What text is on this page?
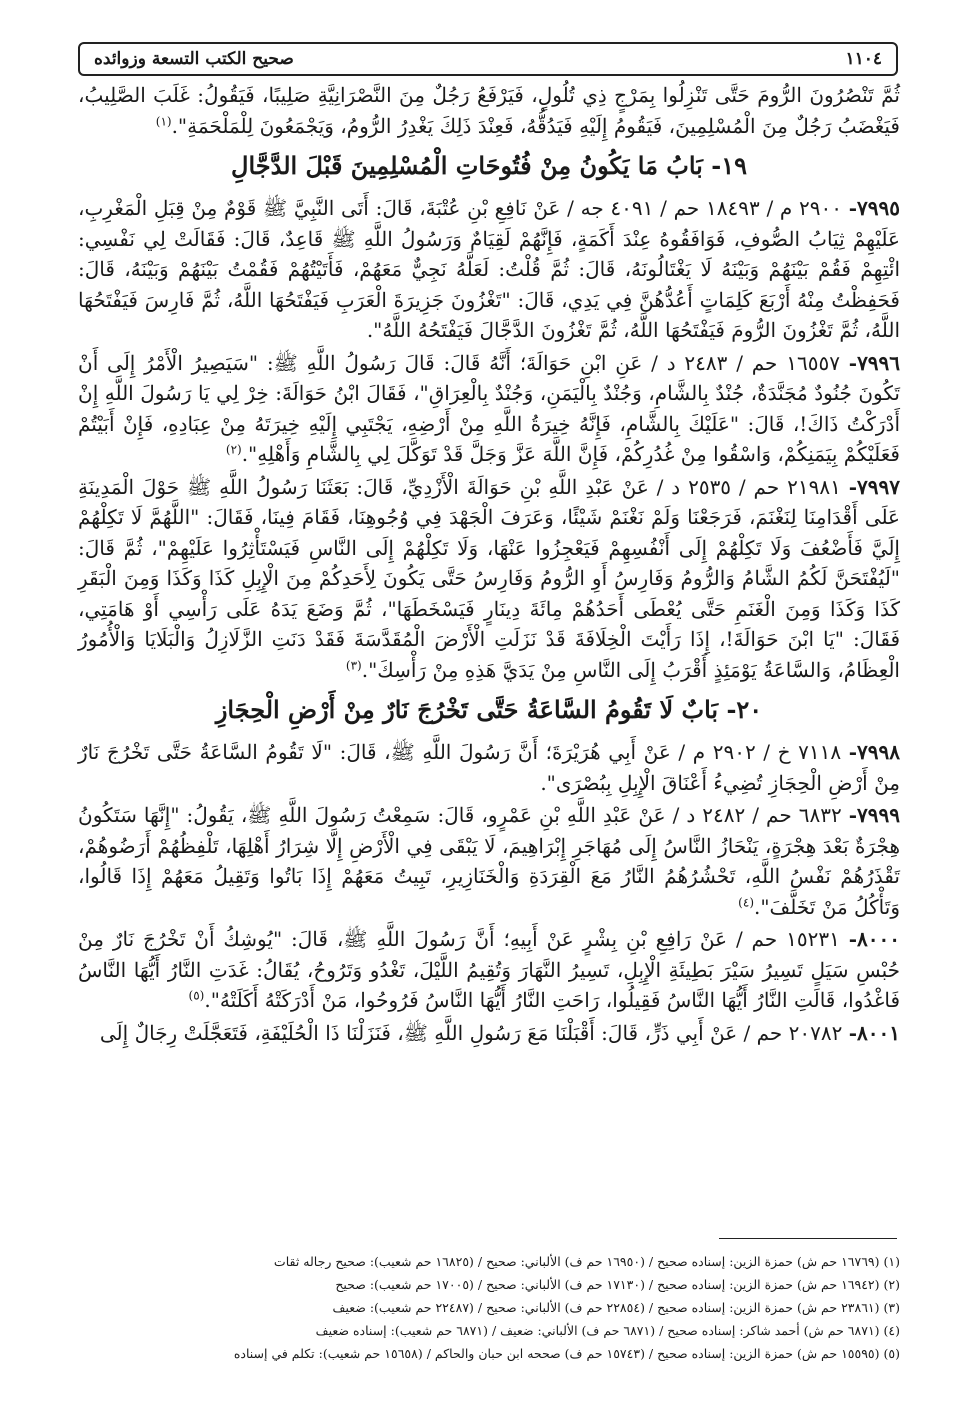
١١٠٤
صحيح الكتب التسعة وزوائده

ثُمَّ تَنْصُرُونَ الرُّومَ حَتَّى تَنْزِلُوا بِمَرْجٍ ذِي تُلُولٍ، فَيَرْفَعُ رَجُلٌ مِنَ النَّصْرَانِيَّةِ صَلِيبًا، فَيَقُولُ: غَلَبَ الصَّلِيبُ، فَيَغْضَبُ رَجُلٌ مِنَ الْمُسْلِمِينَ، فَيَقُومُ إِلَيْهِ فَيَدُقُّهُ، فَعِنْدَ ذَلِكَ يَغْدِرُ الرُّومُ، وَيَجْمَعُونَ لِلْمَلْحَمَةِ".$^{(١)}$

١٩- بَابُ مَا يَكُونُ مِنْ فُتُوحَاتِ الْمُسْلِمِينَ قَبْلَ الدَّجَّالِ

٧٩٩٥- ٢٩٠٠ م / ١٨٤٩٣ حم / ٤٠٩١ جه / عَنْ نَافِعِ بْنِ عُتْبَةَ، قَالَ: أَتَى النَّبِيَّ ﷺ قَوْمٌ مِنْ قِبَلِ الْمَغْرِبِ، عَلَيْهِمْ ثِيَابُ الصُّوفِ، فَوَافَقُوهُ عِنْدَ أَكَمَةٍ، فَإِنَّهُمْ لَقِيَامٌ وَرَسُولُ اللَّهِ ﷺ قَاعِدٌ، قَالَ: فَقَالَتْ لِي نَفْسِي: ائْتِهِمْ فَقُمْ بَيْنَهُمْ وَبَيْنَهُ لَا يَغْتَالُونَهُ، قَالَ: ثُمَّ قُلْتُ: لَعَلَّهُ نَجِيٌّ مَعَهُمْ، فَأَتَيْتُهُمْ فَقُمْتُ بَيْنَهُمْ وَبَيْنَهُ، قَالَ: فَحَفِظْتُ مِنْهُ أَرْبَعَ كَلِمَاتٍ أَعُدُّهُنَّ فِي يَدِي، قَالَ: "تَغْزُونَ جَزِيرَةَ الْعَرَبِ فَيَفْتَحُهَا اللَّهُ، ثُمَّ فَارِسَ فَيَفْتَحُهَا اللَّهُ، ثُمَّ تَغْزُونَ الرُّومَ فَيَفْتَحُهَا اللَّهُ، ثُمَّ تَغْزُونَ الدَّجَّالَ فَيَفْتَحُهُ اللَّهُ".

٧٩٩٦- ١٦٥٥٧ حم / ٢٤٨٣ د / عَنِ ابْنِ حَوَالَةَ؛ أَنَّهُ قَالَ: قَالَ رَسُولُ اللَّهِ ﷺ: "سَيَصِيرُ الْأَمْرُ إِلَى أَنْ تَكُونَ جُنُودٌ مُجَنَّدَةٌ، جُنْدٌ بِالشَّامِ، وَجُنْدٌ بِالْيَمَنِ، وَجُنْدٌ بِالْعِرَاقِ"، فَقَالَ ابْنُ حَوَالَةَ: خِرْ لِي يَا رَسُولَ اللَّهِ إِنْ أَدْرَكْتُ ذَاكَ!، قَالَ: "عَلَيْكَ بِالشَّامِ، فَإِنَّهُ خِيرَةُ اللَّهِ مِنْ أَرْضِهِ، يَجْتَبِي إِلَيْهِ خِيرَتَهُ مِنْ عِبَادِهِ، فَإِنْ أَبَيْتُمْ فَعَلَيْكُمْ بِيَمَنِكُمْ، وَاسْقُوا مِنْ غُدُرِكُمْ، فَإِنَّ اللَّهَ عَزَّ وَجَلَّ قَدْ تَوَكَّلَ لِي بِالشَّامِ وَأَهْلِهِ".$^{(٢)}$

٧٩٩٧- ٢١٩٨١ حم / ٢٥٣٥ د / عَنْ عَبْدِ اللَّهِ بْنِ حَوَالَةَ الْأَزْدِيِّ، قَالَ: بَعَثَنَا رَسُولُ اللَّهِ ﷺ حَوْلَ الْمَدِينَةِ عَلَى أَقْدَامِنَا لِنَغْنَمَ، فَرَجَعْنَا وَلَمْ نَغْنَمْ شَيْئًا، وَعَرَفَ الْجَهْدَ فِي وُجُوهِنَا، فَقَامَ فِينَا، فَقَالَ: "اللَّهُمَّ لَا تَكِلْهُمْ إِلَيَّ فَأَضْعُفَ وَلَا تَكِلْهُمْ إِلَى أَنْفُسِهِمْ فَيَعْجِزُوا عَنْهَا، وَلَا تَكِلْهُمْ إِلَى النَّاسِ فَيَسْتَأْثِرُوا عَلَيْهِمْ"، ثُمَّ قَالَ: "لَيُفْتَحَنَّ لَكُمُ الشَّامُ وَالرُّومُ وَفَارِسُ أَوِ الرُّومُ وَفَارِسُ حَتَّى يَكُونَ لِأَحَدِكُمْ مِنَ الْإِبِلِ كَذَا وَكَذَا وَمِنَ الْبَقَرِ كَذَا وَكَذَا وَمِنَ الْغَنَمِ حَتَّى يُعْطَى أَحَدُهُمْ مِائَةَ دِينَارٍ فَيَسْخَطَهَا"، ثُمَّ وَضَعَ يَدَهُ عَلَى رَأْسِي أَوْ هَامَتِي، فَقَالَ: "يَا ابْنَ حَوَالَةَ!، إِذَا رَأَيْتَ الْخِلَافَةَ قَدْ نَزَلَتِ الْأَرْضَ الْمُقَدَّسَةَ فَقَدْ دَنَتِ الزَّلَازِلُ وَالْبَلَايَا وَالْأُمُورُ الْعِظَامُ، وَالسَّاعَةُ يَوْمَئِذٍ أَقْرَبُ إِلَى النَّاسِ مِنْ يَدَيَّ هَذِهِ مِنْ رَأْسِكَ".$^{(٣)}$

٢٠- بَابٌ لَا تَقُومُ السَّاعَةُ حَتَّى تَخْرُجَ نَارٌ مِنْ أَرْضِ الْحِجَازِ

٧٩٩٨- ٧١١٨ خ / ٢٩٠٢ م / عَنْ أَبِي هُرَيْرَةَ؛ أَنَّ رَسُولَ اللَّهِ ﷺ، قَالَ: "لَا تَقُومُ السَّاعَةُ حَتَّى تَخْرُجَ نَارٌ مِنْ أَرْضِ الْحِجَازِ تُضِيءُ أَعْنَاقَ الْإِبِلِ بِبُصْرَى".

٧٩٩٩- ٦٨٣٢ حم / ٢٤٨٢ د / عَنْ عَبْدِ اللَّهِ بْنِ عَمْرٍو، قَالَ: سَمِعْتُ رَسُولَ اللَّهِ ﷺ، يَقُولُ: "إِنَّهَا سَتَكُونُ هِجْرَةٌ بَعْدَ هِجْرَةٍ، يَنْحَازُ النَّاسُ إِلَى مُهَاجَرِ إِبْرَاهِيمَ، لَا يَبْقَى فِي الْأَرْضِ إِلَّا شِرَارُ أَهْلِهَا، تَلْفِظُهُمْ أَرَضُوهُمْ، تَقْذَرُهُمْ نَفْسُ اللَّهِ، تَحْشُرُهُمُ النَّارُ مَعَ الْقِرَدَةِ وَالْخَنَازِيرِ، تَبِيتُ مَعَهُمْ إِذَا بَاتُوا وَتَقِيلُ مَعَهُمْ إِذَا قَالُوا، وَتَأْكُلُ مَنْ تَخَلَّفَ".$^{(٤)}$

٨٠٠٠- ١٥٢٣١ حم / عَنْ رَافِعِ بْنِ بِشْرٍ عَنْ أَبِيهِ؛ أَنَّ رَسُولَ اللَّهِ ﷺ، قَالَ: "يُوشِكُ أَنْ تَخْرُجَ نَارٌ مِنْ حُبْسِ سَيَلٍ تَسِيرُ سَيْرَ بَطِيئَةِ الْإِبِلِ، تَسِيرُ النَّهَارَ وَتُقِيمُ اللَّيْلَ، تَغْدُو وَتَرُوحُ، يُقَالُ: غَدَتِ النَّارُ أَيُّهَا النَّاسُ فَاغْدُوا، قَالَتِ النَّارُ أَيُّهَا النَّاسُ فَقِيلُوا، رَاحَتِ النَّارُ أَيُّهَا النَّاسُ فَرُوحُوا، مَنْ أَدْرَكَتْهُ أَكَلَتْهُ".$^{(٥)}$

٨٠٠١- ٢٠٧٨٢ حم / عَنْ أَبِي ذَرٍّ، قَالَ: أَقْبَلْنَا مَعَ رَسُولِ اللَّهِ ﷺ، فَنَزَلْنَا ذَا الْحُلَيْفَةِ، فَتَعَجَّلَتْ رِجَالٌ إِلَى

(١) (١٦٧٦٩ حم ش) حمزة الزين: إسناده صحيح / (١٦٩٥٠ حم ف) الألباني: صحيح / (١٦٨٢٥ حم شعيب): صحيح رجاله ثقات
(٢) (١٦٩٤٢ حم ش) حمزة الزين: إسناده صحيح / (١٧١٣٠ حم ف) الألباني: صحيح / (١٧٠٠٥ حم شعيب): صحيح
(٣) (٢٣٨٦١ حم ش) حمزة الزين: إسناده صحيح / (٢٢٨٥٤ حم ف) الألباني: صحيح / (٢٢٤٨٧ حم شعيب): ضعيف
(٤) (٦٨٧١ حم ش) أحمد شاكر: إسناده صحيح / (٦٨٧١ حم ف) الألباني: ضعيف / (٦٨٧١ حم شعيب): إسناده ضعيف
(٥) (١٥٥٩٥ حم ش) حمزة الزين: إسناده صحيح / (١٥٧٤٣ حم ف) صححه ابن حبان والحاكم / (١٥٦٥٨ حم شعيب): تكلم في إسناده
